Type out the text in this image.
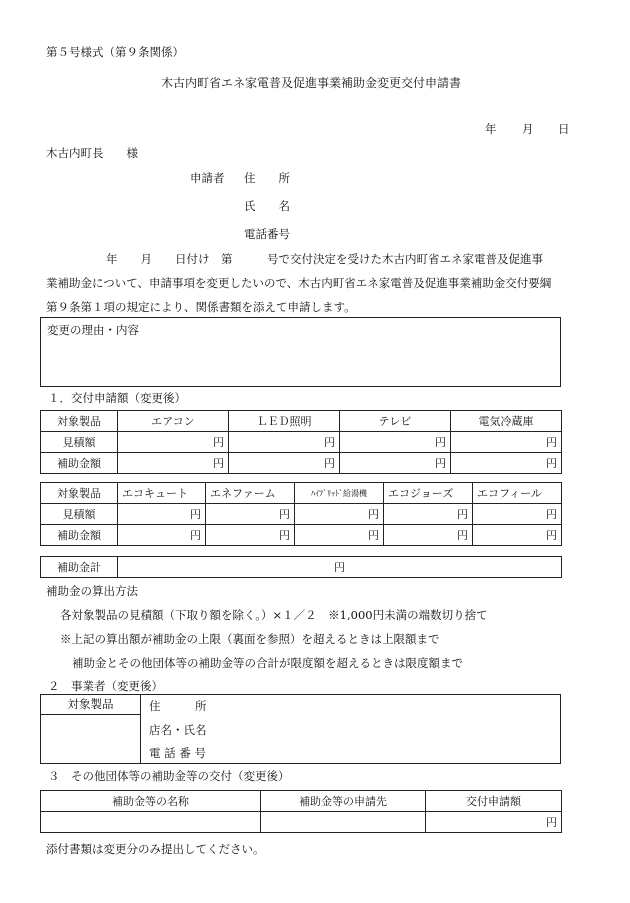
第５号様式（第９条関係）
木古内町省エネ家電普及促進事業補助金変更交付申請書
年 月 日
木古内町長　　様
申請者 住　　所
氏　　名
電話番号
年　　月　　日付け　第　　　号で交付決定を受けた木古内町省エネ家電普及促進事
業補助金について、申請事項を変更したいので、木古内町省エネ家電普及促進事業補助金交付要綱
第９条第１項の規定により、関係書類を添えて申請します。
変更の理由・内容
１．交付申請額（変更後）
対象製品	エアコン	ＬＥＤ照明	テレビ	電気冷蔵庫
見積額	円	円	円	円
補助金額	円	円	円	円
対象製品	エコキュート	エネファーム	ﾊｲﾌﾞﾘｯﾄﾞ給湯機	エコジョーズ	エコフィール
見積額	円	円	円	円	円
補助金額	円	円	円	円	円
補助金計	円
補助金の算出方法
各対象製品の見積額（下取り額を除く。）×１／２　※1,000円未満の端数切り捨て
※上記の算出額が補助金の上限（裏面を参照）を超えるときは上限額まで
補助金とその他団体等の補助金等の合計が限度額を超えるときは限度額まで
２　事業者（変更後）
対象製品	住　　　所
店名・氏名
電 話 番 号
３　その他団体等の補助金等の交付（変更後）
補助金等の名称	補助金等の申請先	交付申請額
		円
添付書類は変更分のみ提出してください。
